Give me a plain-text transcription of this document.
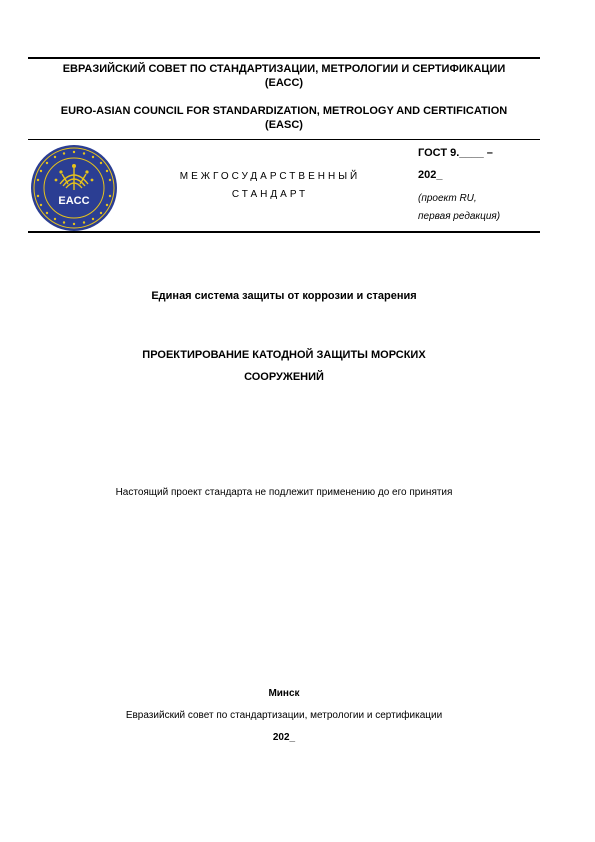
ЕВРАЗИЙСКИЙ СОВЕТ ПО СТАНДАРТИЗАЦИИ, МЕТРОЛОГИИ И СЕРТИФИКАЦИИ
(ЕАСС)
EURO-ASIAN COUNCIL FOR STANDARDIZATION, METROLOGY AND CERTIFICATION
(EASC)
EACC
МЕЖГОСУДАРСТВЕННЫЙ
СТАНДАРТ
ГОСТ 9.____ –
202_
(проект RU,
первая редакция)
Единая система защиты от коррозии и старения
ПРОЕКТИРОВАНИЕ КАТОДНОЙ ЗАЩИТЫ МОРСКИХ
СООРУЖЕНИЙ
Настоящий проект стандарта не подлежит применению до его принятия
Минск
Евразийский совет по стандартизации, метрологии и сертификации
202_
